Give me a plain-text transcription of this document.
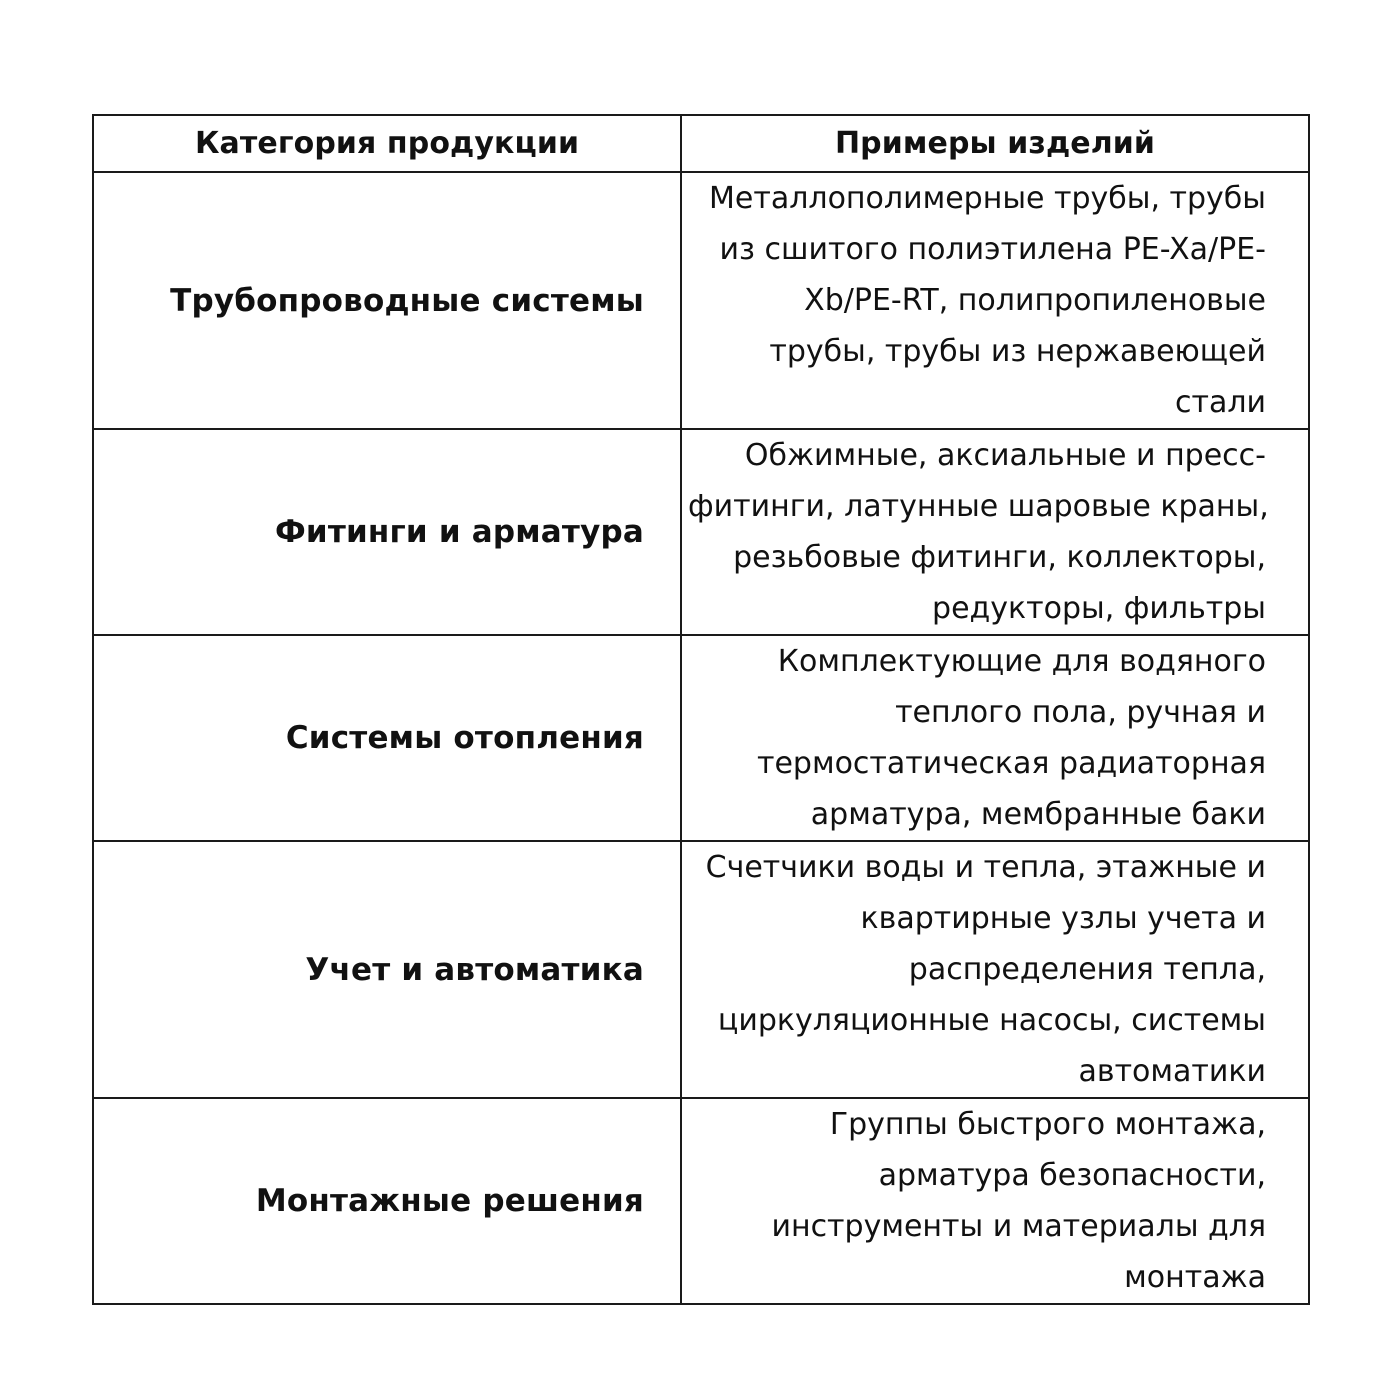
Категория продукции	Примеры изделий
Трубопроводные системы	Металлополимерные трубы, трубы
из сшитого полиэтилена PE-Xa/PE-
Xb/PE-RT, полипропиленовые
трубы, трубы из нержавеющей
стали

Фитинги и арматура	Обжимные, аксиальные и пресс-
фитинги, латунные шаровые краны,
резьбовые фитинги, коллекторы,
редукторы, фильтры

Системы отопления	Комплектующие для водяного
теплого пола, ручная и
термостатическая радиаторная
арматура, мембранные баки

Учет и автоматика	Счетчики воды и тепла, этажные и
квартирные узлы учета и
распределения тепла,
циркуляционные насосы, системы
автоматики

Монтажные решения	Группы быстрого монтажа,
арматура безопасности,
инструменты и материалы для
монтажа
